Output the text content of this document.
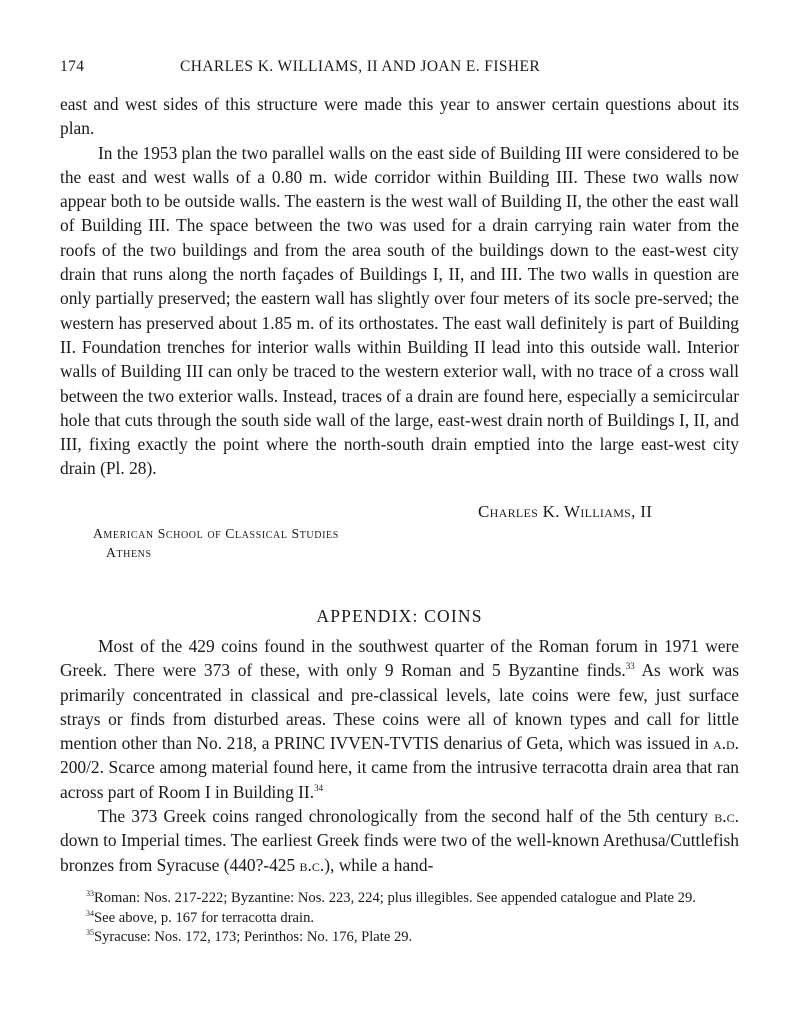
174	CHARLES K. WILLIAMS, II AND JOAN E. FISHER

east and west sides of this structure were made this year to answer certain questions about its plan.

In the 1953 plan the two parallel walls on the east side of Building III were considered to be the east and west walls of a 0.80 m. wide corridor within Building III. These two walls now appear both to be outside walls. The eastern is the west wall of Building II, the other the east wall of Building III. The space between the two was used for a drain carrying rain water from the roofs of the two buildings and from the area south of the buildings down to the east-west city drain that runs along the north façades of Buildings I, II, and III. The two walls in question are only partially preserved; the eastern wall has slightly over four meters of its socle pre-served; the western has preserved about 1.85 m. of its orthostates. The east wall definitely is part of Building II. Foundation trenches for interior walls within Building II lead into this outside wall. Interior walls of Building III can only be traced to the western exterior wall, with no trace of a cross wall between the two exterior walls. Instead, traces of a drain are found here, especially a semicircular hole that cuts through the south side wall of the large, east-west drain north of Buildings I, II, and III, fixing exactly the point where the north-south drain emptied into the large east-west city drain (Pl. 28).

Charles K. Williams, II
American School of Classical Studies
Athens
APPENDIX: COINS

Most of the 429 coins found in the southwest quarter of the Roman forum in 1971 were Greek. There were 373 of these, with only 9 Roman and 5 Byzantine finds.$^{33}$ As work was primarily concentrated in classical and pre-classical levels, late coins were few, just surface strays or finds from disturbed areas. These coins were all of known types and call for little mention other than No. 218, a PRINC IVVEN-TVTIS denarius of Geta, which was issued in a.d. 200/2. Scarce among material found here, it came from the intrusive terracotta drain area that ran across part of Room I in Building II.$^{34}$

The 373 Greek coins ranged chronologically from the second half of the 5th century b.c. down to Imperial times. The earliest Greek finds were two of the well-known Arethusa/Cuttlefish bronzes from Syracuse (440?-425 b.c.), while a hand-

$^{33}$Roman: Nos. 217-222; Byzantine: Nos. 223, 224; plus illegibles. See appended catalogue and Plate 29.

$^{34}$See above, p. 167 for terracotta drain.

$^{35}$Syracuse: Nos. 172, 173; Perinthos: No. 176, Plate 29.
